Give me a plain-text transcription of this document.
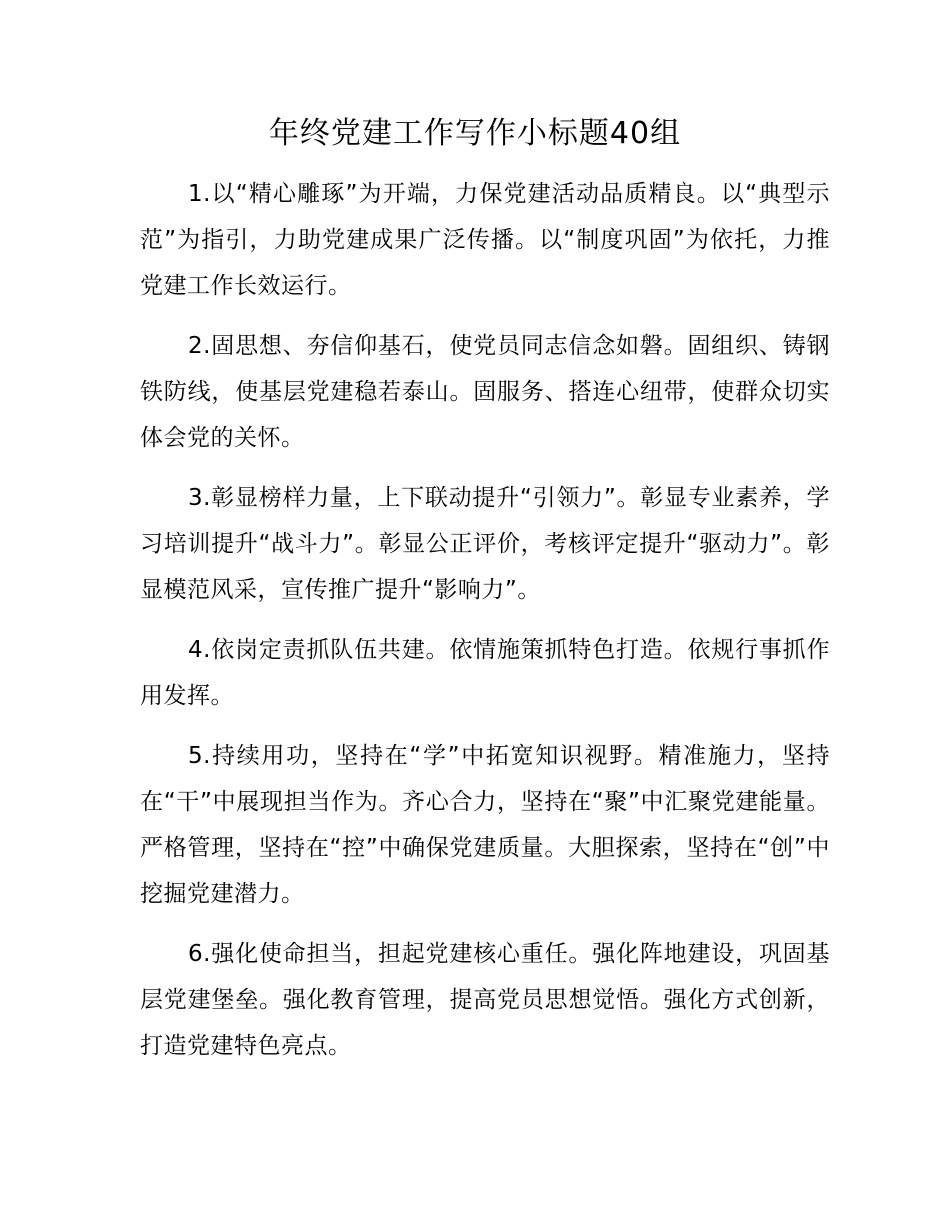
年终党建工作写作小标题40组

1.以“精心雕琢”为开端，力保党建活动品质精良。以“典型示范”为指引，力助党建成果广泛传播。以“制度巩固”为依托，力推党建工作长效运行。

2.固思想、夯信仰基石，使党员同志信念如磐。固组织、铸钢铁防线，使基层党建稳若泰山。固服务、搭连心纽带，使群众切实体会党的关怀。

3.彰显榜样力量，上下联动提升“引领力”。彰显专业素养，学习培训提升“战斗力”。彰显公正评价，考核评定提升“驱动力”。彰显模范风采，宣传推广提升“影响力”。

4.依岗定责抓队伍共建。依情施策抓特色打造。依规行事抓作用发挥。

5.持续用功，坚持在“学”中拓宽知识视野。精准施力，坚持在“干”中展现担当作为。齐心合力，坚持在“聚”中汇聚党建能量。严格管理，坚持在“控”中确保党建质量。大胆探索，坚持在“创”中挖掘党建潜力。

6.强化使命担当，担起党建核心重任。强化阵地建设，巩固基层党建堡垒。强化教育管理，提高党员思想觉悟。强化方式创新，打造党建特色亮点。
